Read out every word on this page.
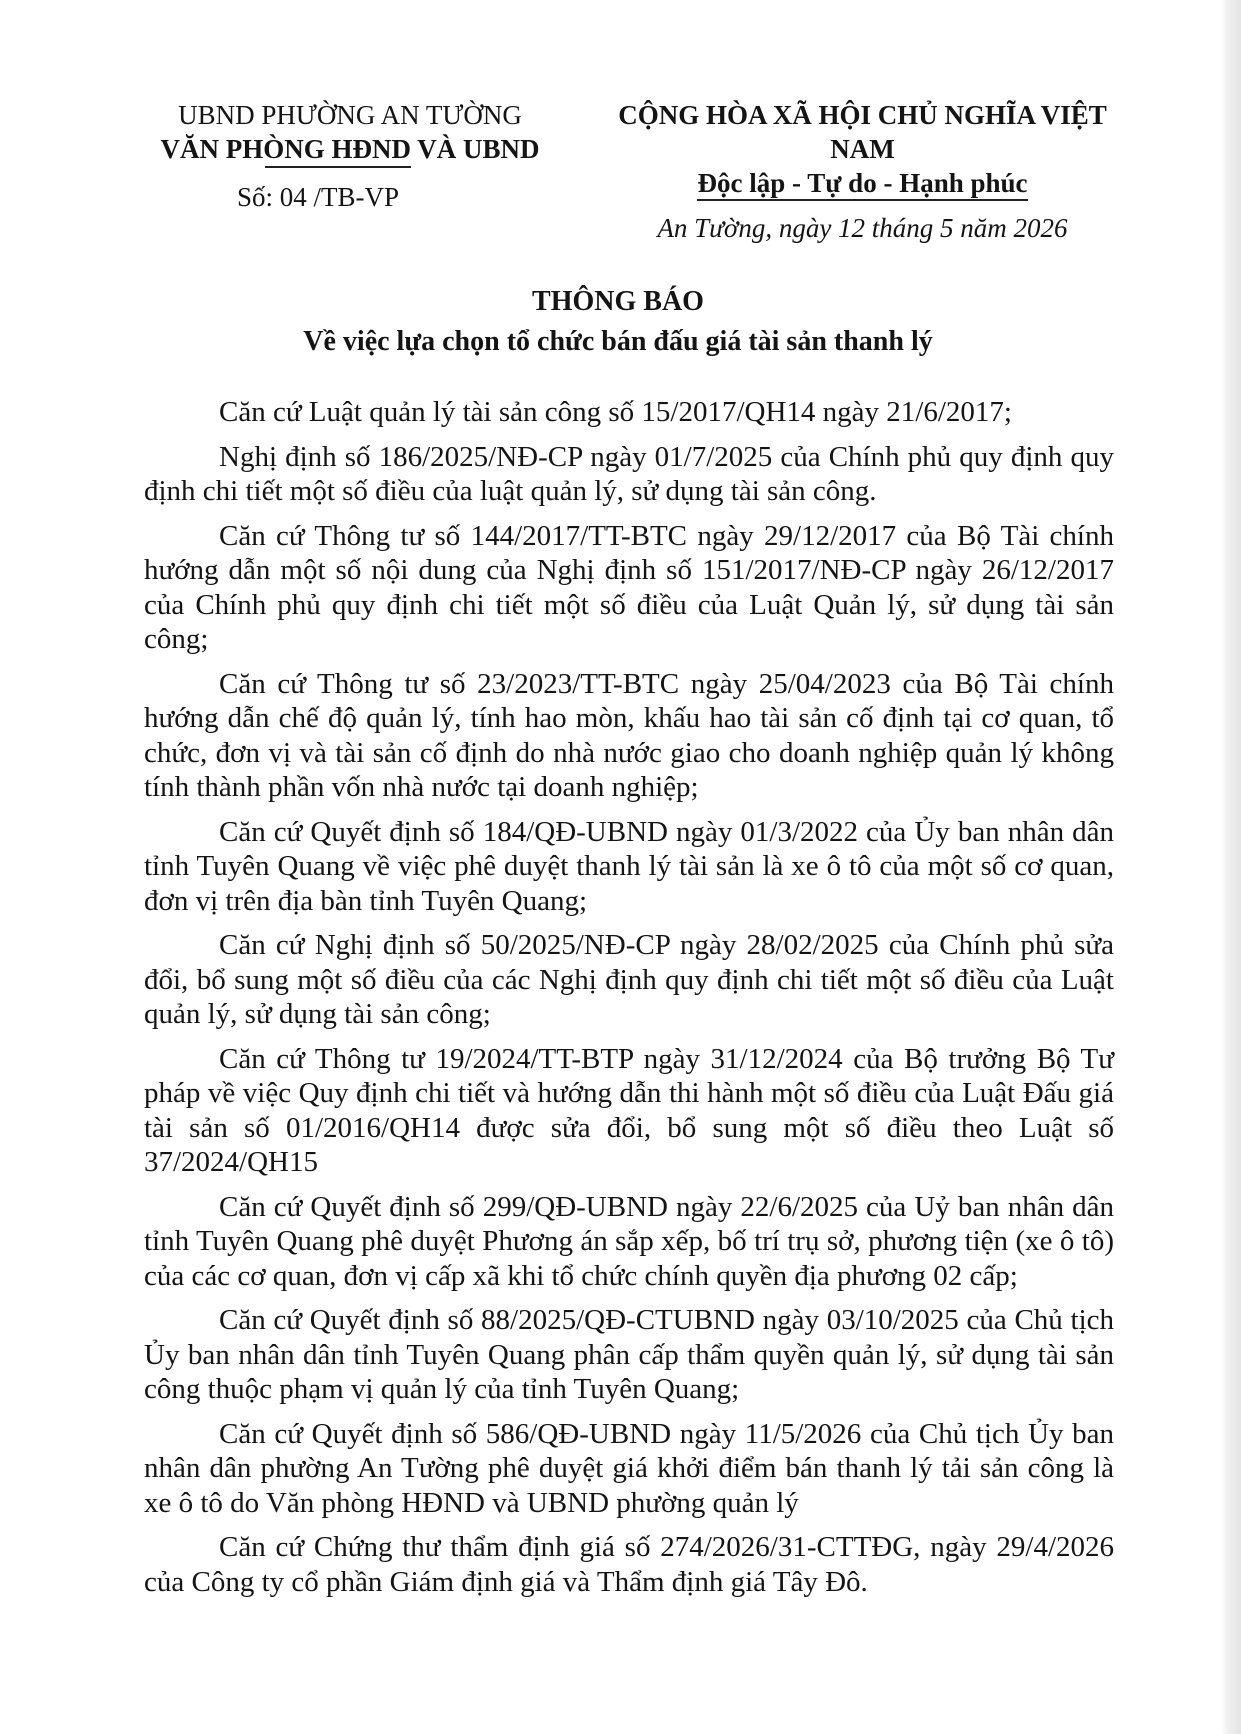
UBND PHƯỜNG AN TƯỜNG
VĂN PHÒNG HĐND VÀ UBND
Số: 04 /TB-VP
CỘNG HÒA XÃ HỘI CHỦ NGHĨA VIỆT NAM
Độc lập - Tự do - Hạnh phúc
An Tường, ngày 12 tháng 5 năm 2026
THÔNG BÁO
Về việc lựa chọn tổ chức bán đấu giá tài sản thanh lý

Căn cứ Luật quản lý tài sản công số 15/2017/QH14 ngày 21/6/2017;

Nghị định số 186/2025/NĐ-CP ngày 01/7/2025 của Chính phủ quy định quy định chi tiết một số điều của luật quản lý, sử dụng tài sản công.

Căn cứ Thông tư số 144/2017/TT-BTC ngày 29/12/2017 của Bộ Tài chính hướng dẫn một số nội dung của Nghị định số 151/2017/NĐ-CP ngày 26/12/2017 của Chính phủ quy định chi tiết một số điều của Luật Quản lý, sử dụng tài sản công;

Căn cứ Thông tư số 23/2023/TT-BTC ngày 25/04/2023 của Bộ Tài chính hướng dẫn chế độ quản lý, tính hao mòn, khấu hao tài sản cố định tại cơ quan, tổ chức, đơn vị và tài sản cố định do nhà nước giao cho doanh nghiệp quản lý không tính thành phần vốn nhà nước tại doanh nghiệp;

Căn cứ Quyết định số 184/QĐ-UBND ngày 01/3/2022 của Ủy ban nhân dân tỉnh Tuyên Quang về việc phê duyệt thanh lý tài sản là xe ô tô của một số cơ quan, đơn vị trên địa bàn tỉnh Tuyên Quang;

Căn cứ Nghị định số 50/2025/NĐ-CP ngày 28/02/2025 của Chính phủ sửa đổi, bổ sung một số điều của các Nghị định quy định chi tiết một số điều của Luật quản lý, sử dụng tài sản công;

Căn cứ Thông tư 19/2024/TT-BTP ngày 31/12/2024 của Bộ trưởng Bộ Tư pháp về việc Quy định chi tiết và hướng dẫn thi hành một số điều của Luật Đấu giá tài sản số 01/2016/QH14 được sửa đổi, bổ sung một số điều theo Luật số 37/2024/QH15

Căn cứ Quyết định số 299/QĐ-UBND ngày 22/6/2025 của Uỷ ban nhân dân tỉnh Tuyên Quang phê duyệt Phương án sắp xếp, bố trí trụ sở, phương tiện (xe ô tô) của các cơ quan, đơn vị cấp xã khi tổ chức chính quyền địa phương 02 cấp;

Căn cứ Quyết định số 88/2025/QĐ-CTUBND ngày 03/10/2025 của Chủ tịch Ủy ban nhân dân tỉnh Tuyên Quang phân cấp thẩm quyền quản lý, sử dụng tài sản công thuộc phạm vị quản lý của tỉnh Tuyên Quang;

Căn cứ Quyết định số 586/QĐ-UBND ngày 11/5/2026 của Chủ tịch Ủy ban nhân dân phường An Tường phê duyệt giá khởi điểm bán thanh lý tải sản công là xe ô tô do Văn phòng HĐND và UBND phường quản lý

Căn cứ Chứng thư thẩm định giá số 274/2026/31-CTTĐG, ngày 29/4/2026 của Công ty cổ phần Giám định giá và Thẩm định giá Tây Đô.
